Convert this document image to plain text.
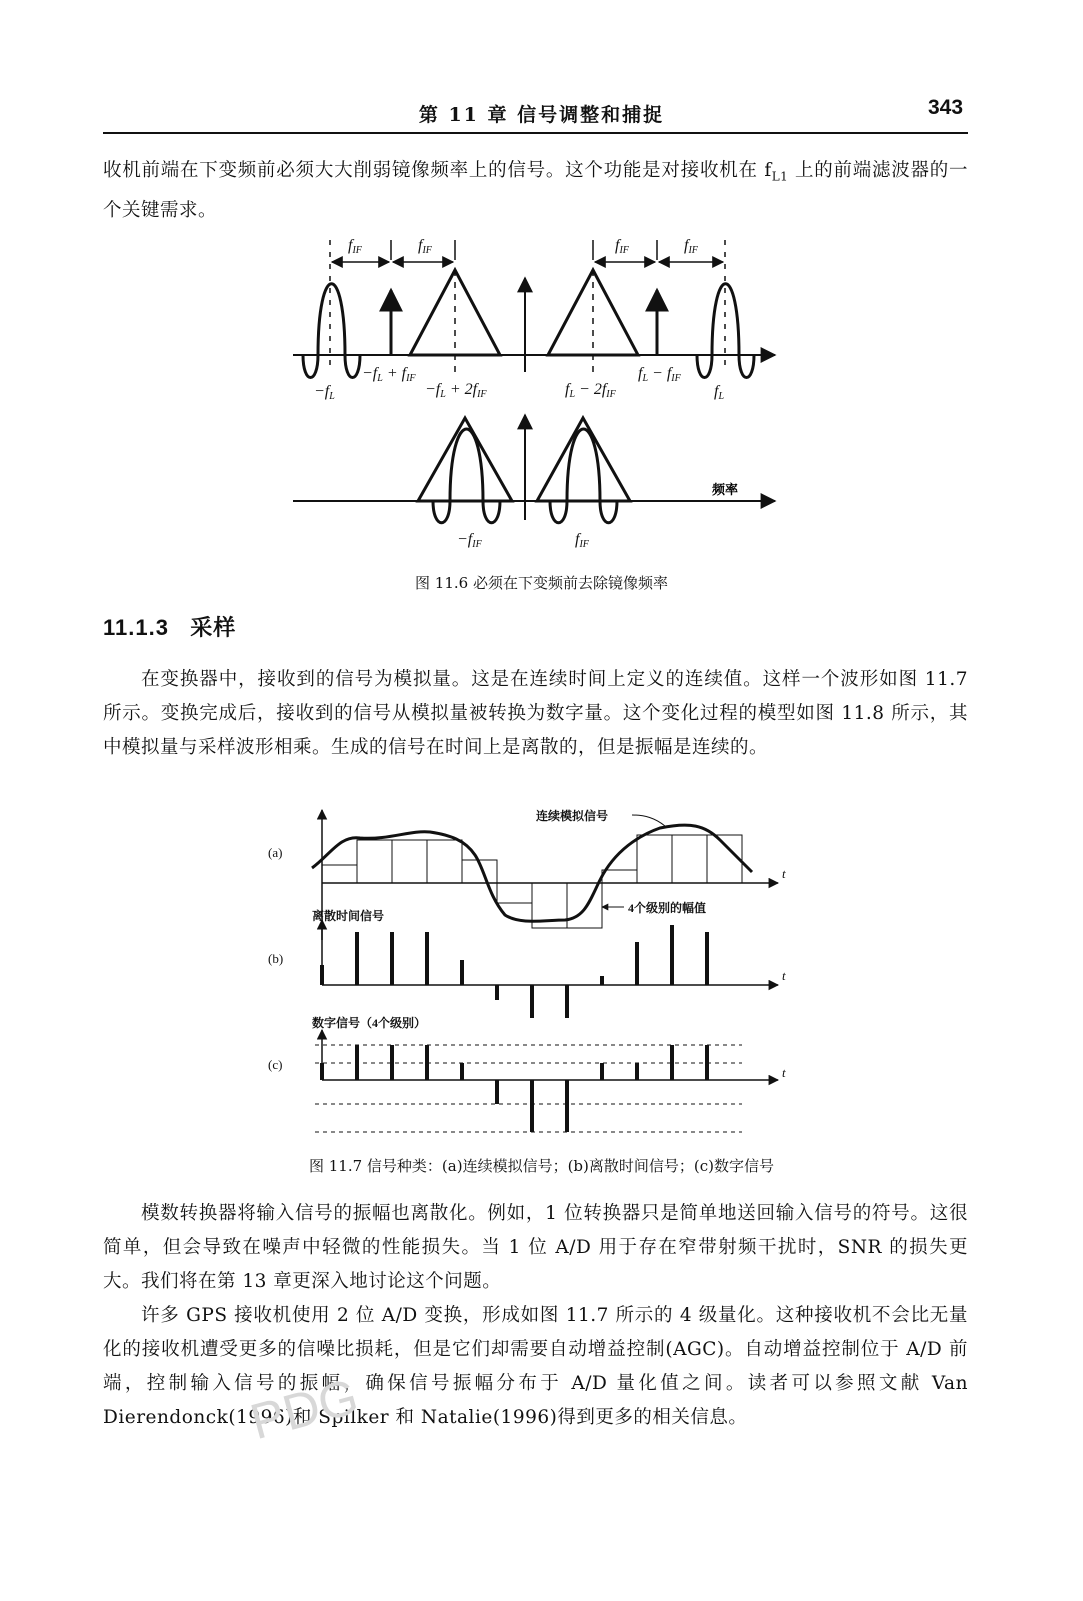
第 11 章 信号调整和捕捉	343
收机前端在下变频前必须大大削弱镜像频率上的信号。这个功能是对接收机在 $f_{L1}$ 上的前端滤波器的一个关键需求。
fIF	fIF	fIF	fIF
−fL
−fL + fIF
−fL + 2fIF	fL − 2fIF
fL − fIF
fL
−fIF	fIF
频率
图 11.6 必须在下变频前去除镜像频率
11.1.3 采样
在变换器中，接收到的信号为模拟量。这是在连续时间上定义的连续值。这样一个波形如图 11.7 所示。变换完成后，接收到的信号从模拟量被转换为数字量。这个变化过程的模型如图 11.8 所示，其中模拟量与采样波形相乘。生成的信号在时间上是离散的，但是振幅是连续的。
(a)
(b)
(c)
连续模拟信号
4个级别的幅值
离散时间信号
数字信号（4个级别）
t
t
t
图 11.7 信号种类：(a)连续模拟信号；(b)离散时间信号；(c)数字信号
模数转换器将输入信号的振幅也离散化。例如，1 位转换器只是简单地送回输入信号的符号。这很简单，但会导致在噪声中轻微的性能损失。当 1 位 A/D 用于存在窄带射频干扰时，SNR 的损失更大。我们将在第 13 章更深入地讨论这个问题。
许多 GPS 接收机使用 2 位 A/D 变换，形成如图 11.7 所示的 4 级量化。这种接收机不会比无量化的接收机遭受更多的信噪比损耗，但是它们却需要自动增益控制(AGC)。自动增益控制位于 A/D 前端，控制输入信号的振幅，确保信号振幅分布于 A/D 量化值之间。读者可以参照文献 Van Dierendonck(1996)和 Spilker 和 Natalie(1996)得到更多的相关信息。
PDG
